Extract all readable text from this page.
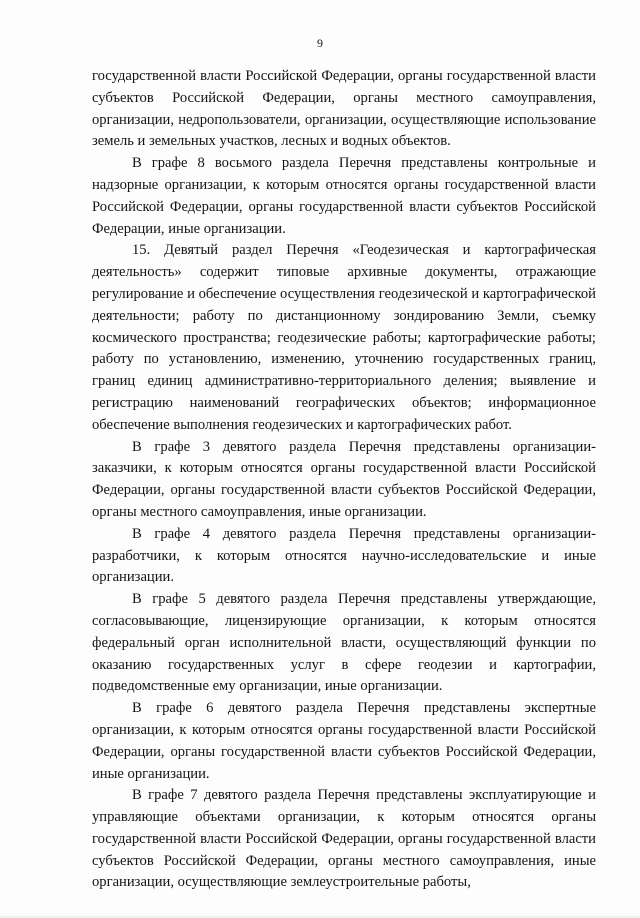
9

государственной власти Российской Федерации, органы государственной власти субъектов Российской Федерации, органы местного самоуправления, организации, недропользователи, организации, осуществляющие использование земель и земельных участков, лесных и водных объектов.

В графе 8 восьмого раздела Перечня представлены контрольные и надзорные организации, к которым относятся органы государственной власти Российской Федерации, органы государственной власти субъектов Российской Федерации, иные организации.

15. Девятый раздел Перечня «Геодезическая и картографическая деятельность» содержит типовые архивные документы, отражающие регулирование и обеспечение осуществления геодезической и картографической деятельности; работу по дистанционному зондированию Земли, съемку космического пространства; геодезические работы; картографические работы; работу по установлению, изменению, уточнению государственных границ, границ единиц административно-территориального деления; выявление и регистрацию наименований географических объектов; информационное обеспечение выполнения геодезических и картографических работ.

В графе 3 девятого раздела Перечня представлены организации-заказчики, к которым относятся органы государственной власти Российской Федерации, органы государственной власти субъектов Российской Федерации, органы местного самоуправления, иные организации.

В графе 4 девятого раздела Перечня представлены организации-разработчики, к которым относятся научно-исследовательские и иные организации.

В графе 5 девятого раздела Перечня представлены утверждающие, согласовывающие, лицензирующие организации, к которым относятся федеральный орган исполнительной власти, осуществляющий функции по оказанию государственных услуг в сфере геодезии и картографии, подведомственные ему организации, иные организации.

В графе 6 девятого раздела Перечня представлены экспертные организации, к которым относятся органы государственной власти Российской Федерации, органы государственной власти субъектов Российской Федерации, иные организации.

В графе 7 девятого раздела Перечня представлены эксплуатирующие и управляющие объектами организации, к которым относятся органы государственной власти Российской Федерации, органы государственной власти субъектов Российской Федерации, органы местного самоуправления, иные организации, осуществляющие землеустроительные работы,
